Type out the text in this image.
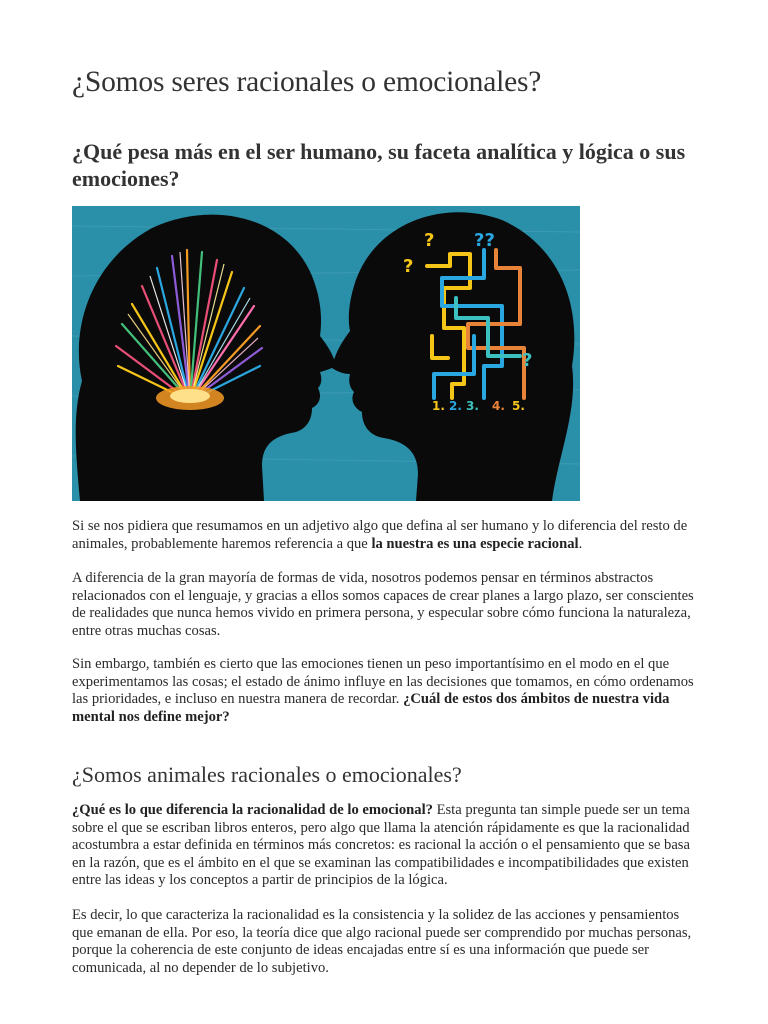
¿Somos seres racionales o emocionales?
¿Qué pesa más en el ser humano, su faceta analítica y lógica o sus emociones?
? ??
?
?
1. 2. 3. 4. 5.

Si se nos pidiera que resumamos en un adjetivo algo que defina al ser humano y lo diferencia del resto de animales, probablemente haremos referencia a que la nuestra es una especie racional.

A diferencia de la gran mayoría de formas de vida, nosotros podemos pensar en términos abstractos relacionados con el lenguaje, y gracias a ellos somos capaces de crear planes a largo plazo, ser conscientes de realidades que nunca hemos vivido en primera persona, y especular sobre cómo funciona la naturaleza, entre otras muchas cosas.

Sin embargo, también es cierto que las emociones tienen un peso importantísimo en el modo en el que experimentamos las cosas; el estado de ánimo influye en las decisiones que tomamos, en cómo ordenamos las prioridades, e incluso en nuestra manera de recordar. ¿Cuál de estos dos ámbitos de nuestra vida mental nos define mejor?

¿Somos animales racionales o emocionales?

¿Qué es lo que diferencia la racionalidad de lo emocional? Esta pregunta tan simple puede ser un tema sobre el que se escriban libros enteros, pero algo que llama la atención rápidamente es que la racionalidad acostumbra a estar definida en términos más concretos: es racional la acción o el pensamiento que se basa en la razón, que es el ámbito en el que se examinan las compatibilidades e incompatibilidades que existen entre las ideas y los conceptos a partir de principios de la lógica.

Es decir, lo que caracteriza la racionalidad es la consistencia y la solidez de las acciones y pensamientos que emanan de ella. Por eso, la teoría dice que algo racional puede ser comprendido por muchas personas, porque la coherencia de este conjunto de ideas encajadas entre sí es una información que puede ser comunicada, al no depender de lo subjetivo.
